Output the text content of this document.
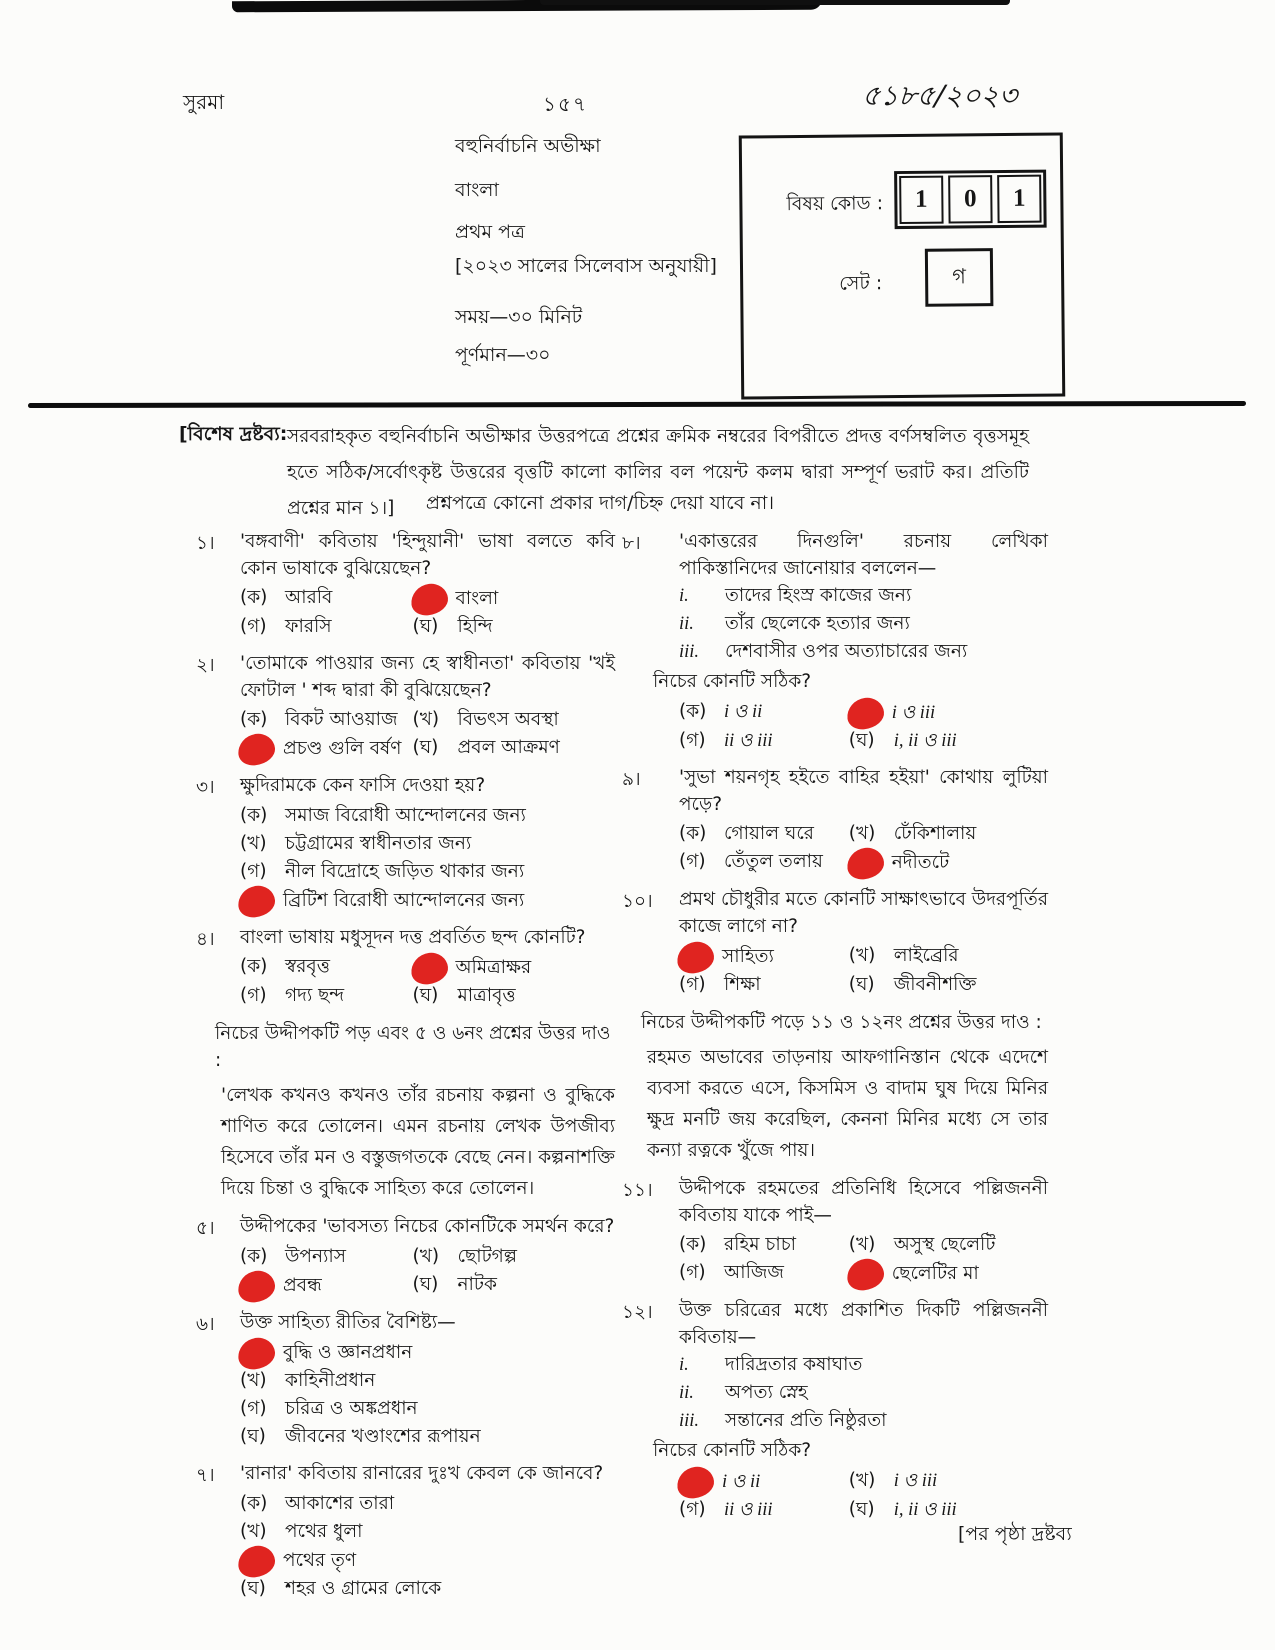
সুরমা	১৫৭	৫১৮৫/২০২৩
বহুনির্বাচনি অভীক্ষা
বাংলা
প্রথম পত্র
[২০২৩ সালের সিলেবাস অনুযায়ী]
সময়—৩০ মিনিট
পূর্ণমান—৩০
বিষয় কোড :	1	0	1
সেট :	গ
[বিশেষ দ্রষ্টব্য: সরবরাহকৃত বহুনির্বাচনি অভীক্ষার উত্তরপত্রে প্রশ্নের ক্রমিক নম্বরের বিপরীতে প্রদত্ত বর্ণসম্বলিত বৃত্তসমূহ হতে সঠিক/সর্বোৎকৃষ্ট উত্তরের বৃত্তটি কালো কালির বল পয়েন্ট কলম দ্বারা সম্পূর্ণ ভরাট কর। প্রতিটি প্রশ্নের মান ১।]	প্রশ্নপত্রে কোনো প্রকার দাগ/চিহ্ন দেয়া যাবে না।
১।	'বঙ্গবাণী' কবিতায় 'হিন্দুয়ানী' ভাষা বলতে কবি কোন ভাষাকে বুঝিয়েছেন?
(ক) আরবি	বাংলা
(গ) ফারসি	(ঘ) হিন্দি
২।	'তোমাকে পাওয়ার জন্য হে স্বাধীনতা' কবিতায় 'খই ফোটাল ' শব্দ দ্বারা কী বুঝিয়েছেন?
(ক) বিকট আওয়াজ (খ) বিভৎস অবস্থা
প্রচণ্ড গুলি বর্ষণ (ঘ) প্রবল আক্রমণ
৩।	ক্ষুদিরামকে কেন ফাসি দেওয়া হয়?
(ক) সমাজ বিরোধী আন্দোলনের জন্য
(খ) চট্টগ্রামের স্বাধীনতার জন্য
(গ) নীল বিদ্রোহে জড়িত থাকার জন্য
ব্রিটিশ বিরোধী আন্দোলনের জন্য
৪।	বাংলা ভাষায় মধুসূদন দত্ত প্রবর্তিত ছন্দ কোনটি?
(ক) স্বরবৃত্ত	অমিত্রাক্ষর
(গ) গদ্য ছন্দ	(ঘ) মাত্রাবৃত্ত
নিচের উদ্দীপকটি পড় এবং ৫ ও ৬নং প্রশ্নের উত্তর দাও :
'লেখক কখনও কখনও তাঁর রচনায় কল্পনা ও বুদ্ধিকে শাণিত করে তোলেন। এমন রচনায় লেখক উপজীব্য হিসেবে তাঁর মন ও বস্তুজগতকে বেছে নেন। কল্পনাশক্তি দিয়ে চিন্তা ও বুদ্ধিকে সাহিত্য করে তোলেন।
৫।	উদ্দীপকের 'ভাবসত্য নিচের কোনটিকে সমর্থন করে?
(ক) উপন্যাস	(খ) ছোটগল্প
প্রবন্ধ	(ঘ) নাটক
৬।	উক্ত সাহিত্য রীতির বৈশিষ্ট্য—
বুদ্ধি ও জ্ঞানপ্রধান
(খ) কাহিনীপ্রধান
(গ) চরিত্র ও অঙ্কপ্রধান
(ঘ) জীবনের খণ্ডাংশের রূপায়ন
৭।	'রানার' কবিতায় রানারের দুঃখ কেবল কে জানবে?
(ক) আকাশের তারা
(খ) পথের ধুলা
পথের তৃণ
(ঘ) শহর ও গ্রামের লোকে
৮।	'একাত্তরের দিনগুলি' রচনায় লেখিকা পাকিস্তানিদের জানোয়ার বললেন—
i.	তাদের হিংস্র কাজের জন্য
ii.	তাঁর ছেলেকে হত্যার জন্য
iii.	দেশবাসীর ওপর অত্যাচারের জন্য
নিচের কোনটি সঠিক?
(ক) i ও ii	i ও iii
(গ) ii ও iii	(ঘ) i, ii ও iii
৯।	'সুভা শয়নগৃহ হইতে বাহির হইয়া' কোথায় লুটিয়া পড়ে?
(ক) গোয়াল ঘরে	(খ) ঢেঁকিশালায়
(গ) তেঁতুল তলায়	নদীতটে
১০।	প্রমথ চৌধুরীর মতে কোনটি সাক্ষাৎভাবে উদরপূর্তির কাজে লাগে না?
সাহিত্য	(খ) লাইব্রেরি
(গ) শিক্ষা	(ঘ) জীবনীশক্তি
নিচের উদ্দীপকটি পড়ে ১১ ও ১২নং প্রশ্নের উত্তর দাও :
রহমত অভাবের তাড়নায় আফগানিস্তান থেকে এদেশে ব্যবসা করতে এসে, কিসমিস ও বাদাম ঘুষ দিয়ে মিনির ক্ষুদ্র মনটি জয় করেছিল, কেননা মিনির মধ্যে সে তার কন্যা রত্নকে খুঁজে পায়।
১১।	উদ্দীপকে রহমতের প্রতিনিধি হিসেবে পল্লিজননী কবিতায় যাকে পাই—
(ক) রহিম চাচা	(খ) অসুস্থ ছেলেটি
(গ) আজিজ	ছেলেটির মা
১২।	উক্ত চরিত্রের মধ্যে প্রকাশিত দিকটি পল্লিজননী কবিতায়—
i.	দারিদ্রতার কষাঘাত
ii.	অপত্য স্নেহ
iii.	সন্তানের প্রতি নিষ্ঠুরতা
নিচের কোনটি সঠিক?
i ও ii	(খ) i ও iii
(গ) ii ও iii	(ঘ) i, ii ও iii
[পর পৃষ্ঠা দ্রষ্টব্য
